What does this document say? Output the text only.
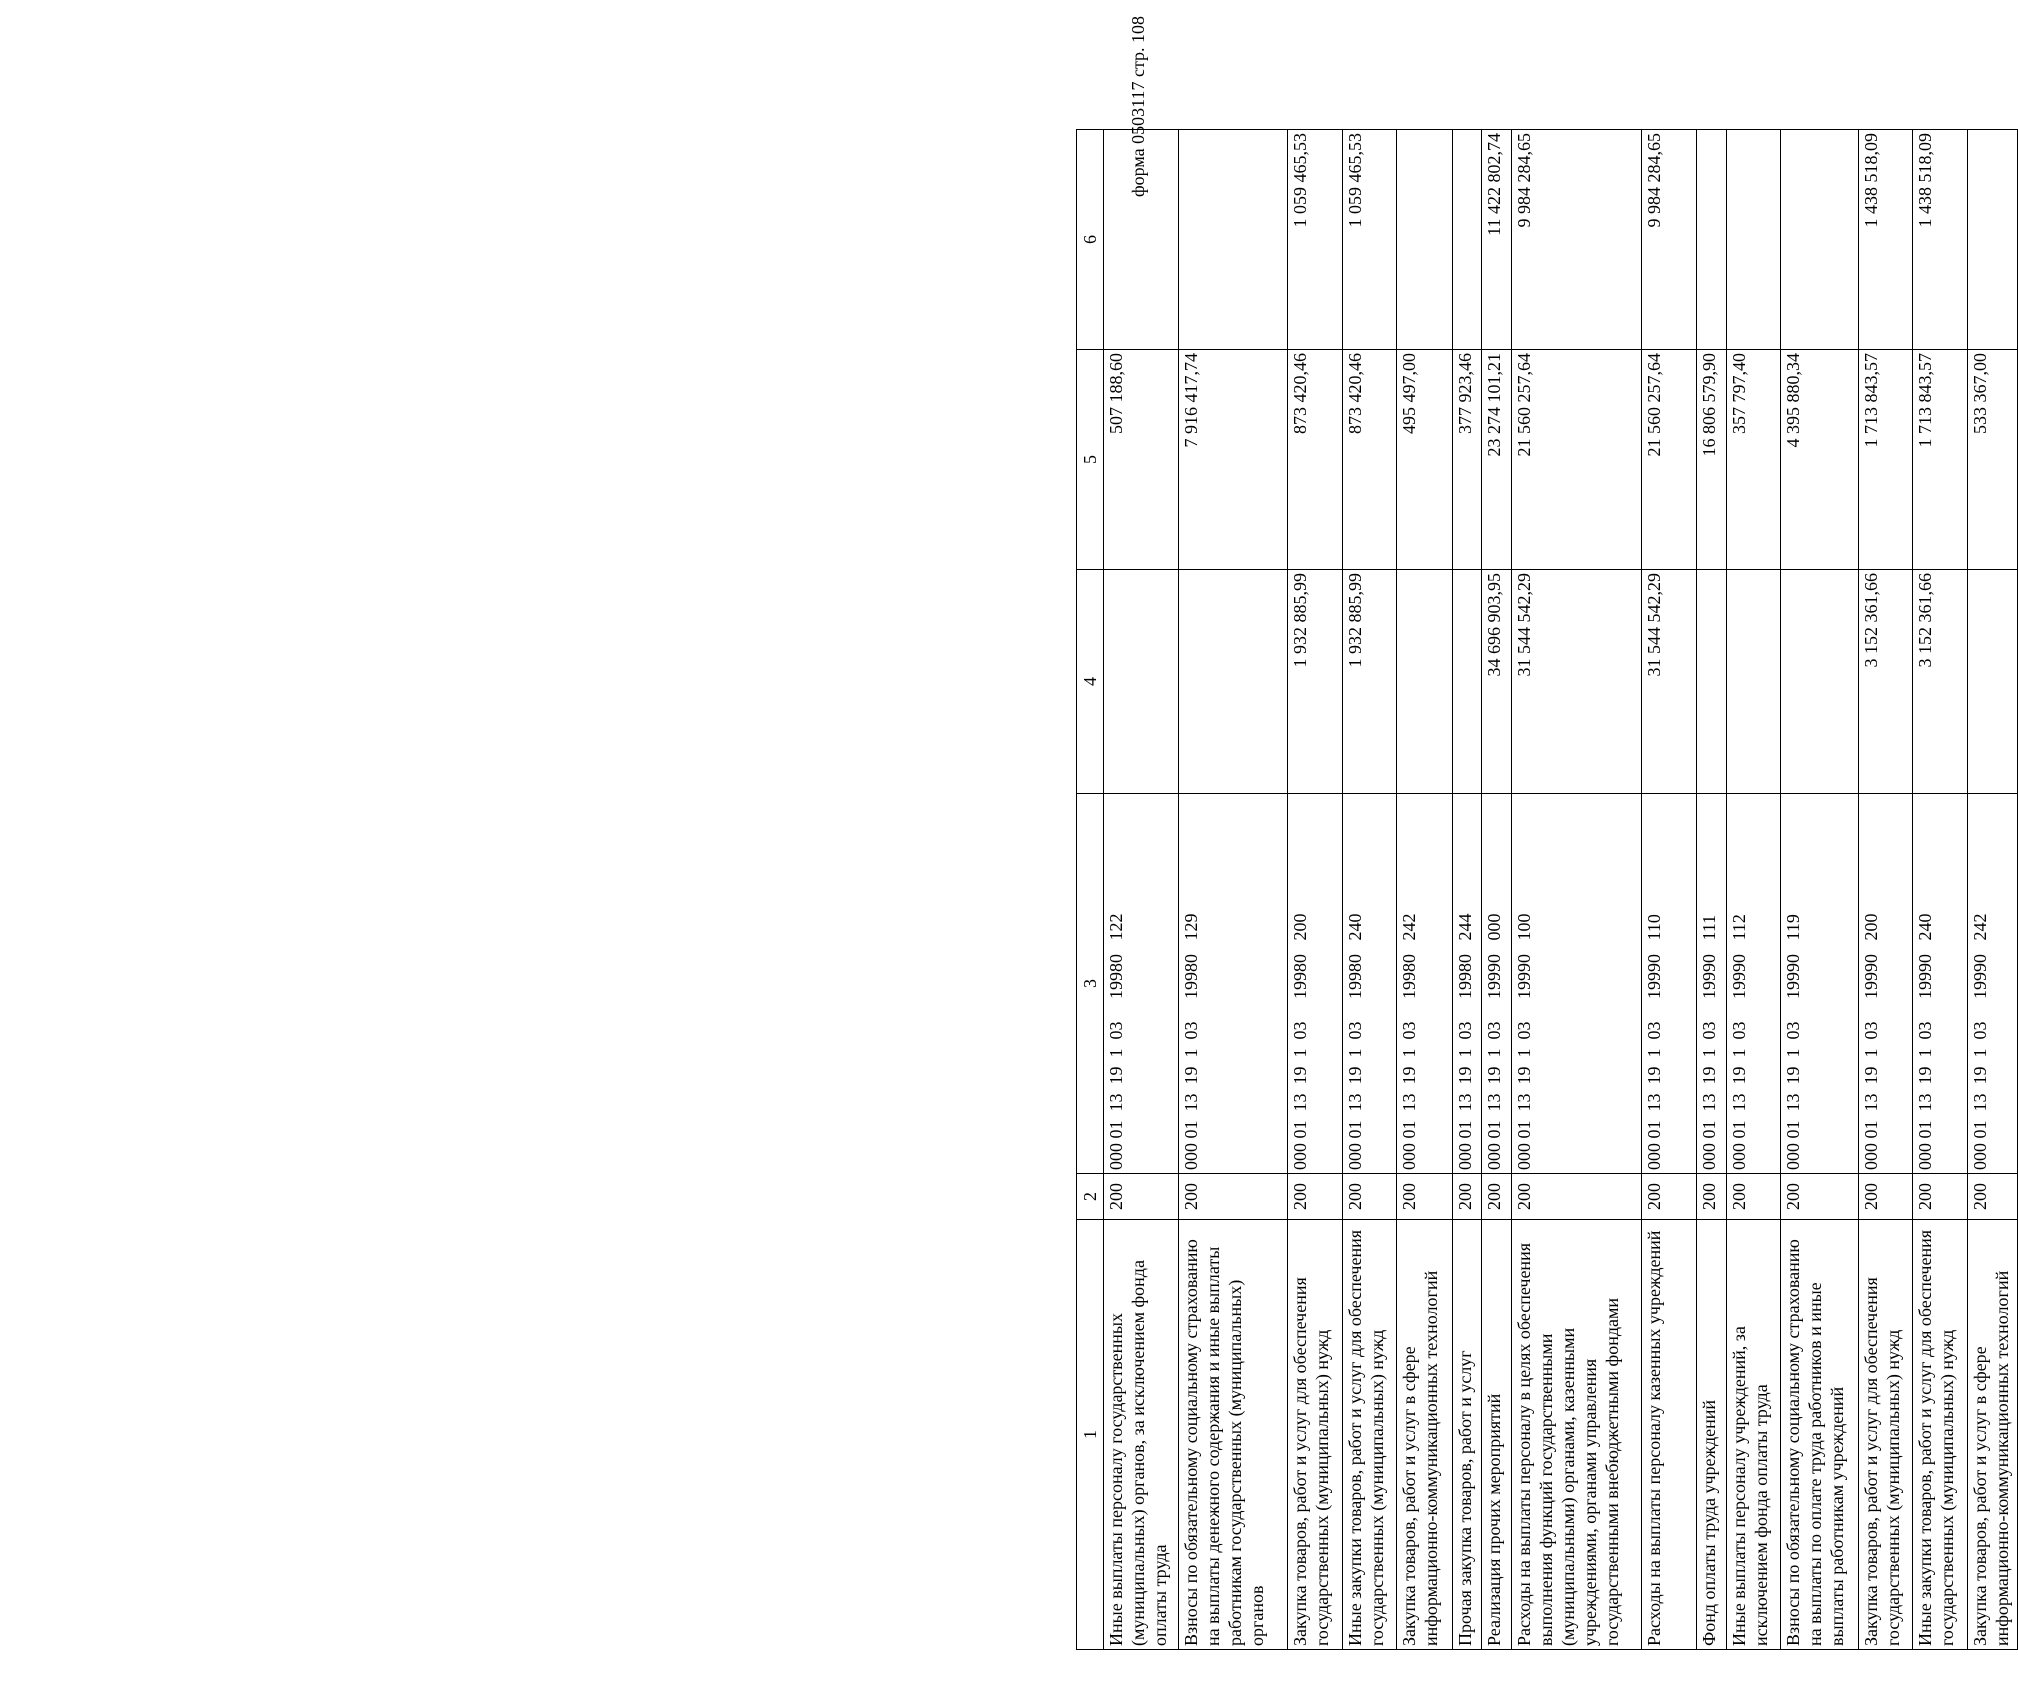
форма 0503117 стр. 108
1	2	3	4	5	6
Иные выплаты персоналу государственных (муниципальных) органов, за исключением фонда оплаты труда	200	000 01  13  19  1  03     19980   122		507 188,60	
Взносы по обязательному социальному страхованию на выплаты денежного содержания и иные выплаты работникам государственных (муниципальных) органов	200	000 01  13  19  1  03     19980   129		7 916 417,74	
Закупка товаров, работ и услуг для обеспечения государственных (муниципальных) нужд	200	000 01  13  19  1  03     19980   200	1 932 885,99	873 420,46	1 059 465,53
Иные закупки товаров, работ и услуг для обеспечения государственных (муниципальных) нужд	200	000 01  13  19  1  03     19980   240	1 932 885,99	873 420,46	1 059 465,53
Закупка товаров, работ и услуг в сфере информационно-коммуникационных технологий	200	000 01  13  19  1  03     19980   242		495 497,00	
Прочая закупка товаров, работ и услуг	200	000 01  13  19  1  03     19980   244		377 923,46	
Реализация прочих мероприятий	200	000 01  13  19  1  03     19990   000	34 696 903,95	23 274 101,21	11 422 802,74
Расходы на выплаты персоналу в целях обеспечения выполнения функций государственными (муниципальными) органами, казенными учреждениями, органами управления государственными внебюджетными фондами	200	000 01  13  19  1  03     19990   100	31 544 542,29	21 560 257,64	9 984 284,65
Расходы на выплаты персоналу казенных учреждений	200	000 01  13  19  1  03     19990   110	31 544 542,29	21 560 257,64	9 984 284,65
Фонд оплаты труда учреждений	200	000 01  13  19  1  03     19990   111		16 806 579,90	
Иные выплаты персоналу учреждений, за исключением фонда оплаты труда	200	000 01  13  19  1  03     19990   112		357 797,40	
Взносы по обязательному социальному страхованию на выплаты по оплате труда работников и иные выплаты работникам учреждений	200	000 01  13  19  1  03     19990   119		4 395 880,34	
Закупка товаров, работ и услуг для обеспечения государственных (муниципальных) нужд	200	000 01  13  19  1  03     19990   200	3 152 361,66	1 713 843,57	1 438 518,09
Иные закупки товаров, работ и услуг для обеспечения государственных (муниципальных) нужд	200	000 01  13  19  1  03     19990   240	3 152 361,66	1 713 843,57	1 438 518,09
Закупка товаров, работ и услуг в сфере информационно-коммуникационных технологий	200	000 01  13  19  1  03     19990   242		533 367,00	
